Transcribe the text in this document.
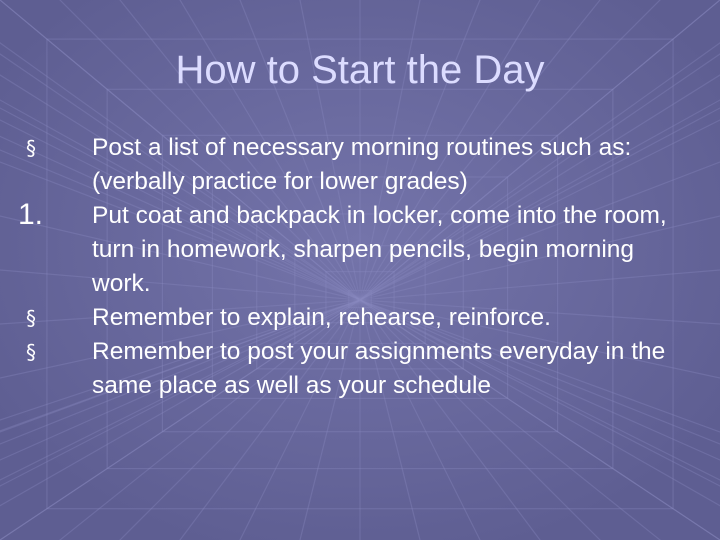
How to Start the Day
§	Post a list of necessary morning routines such as: (verbally practice for lower grades)
1.	Put coat and backpack in locker, come into the room, turn in homework, sharpen pencils, begin morning work.
§	Remember to explain, rehearse, reinforce.
§	Remember to post your assignments everyday in the same place as well as your schedule
